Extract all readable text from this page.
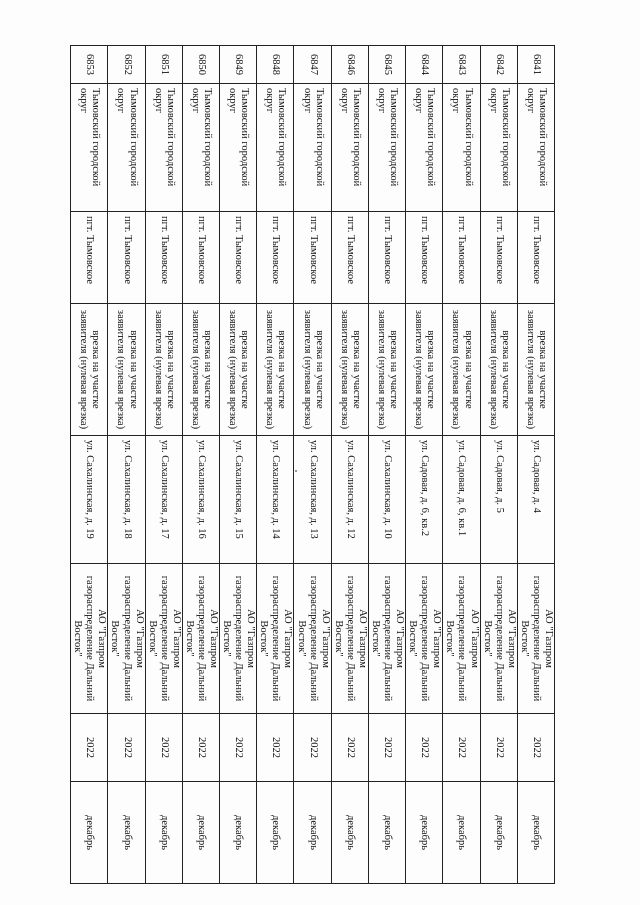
6841	Тымовский городской округ	пгт. Тымовское	врезка на участке заявителя (нулевая врезка)	ул. Садовая, д. 4	АО "Газпром газораспределение Дальний Восток"	2022	декабрь
6842	Тымовский городской округ	пгт. Тымовское	врезка на участке заявителя (нулевая врезка)	ул. Садовая, д. 5	АО "Газпром газораспределение Дальний Восток"	2022	декабрь
6843	Тымовский городской округ	пгт. Тымовское	врезка на участке заявителя (нулевая врезка)	ул. Садовая, д. 6, кв.1	АО "Газпром газораспределение Дальний Восток"	2022	декабрь
6844	Тымовский городской округ	пгт. Тымовское	врезка на участке заявителя (нулевая врезка)	ул. Садовая, д. 6, кв.2	АО "Газпром газораспределение Дальний Восток"	2022	декабрь
6845	Тымовский городской округ	пгт. Тымовское	врезка на участке заявителя (нулевая врезка)	ул. Сахалинская, д. 10	АО "Газпром газораспределение Дальний Восток"	2022	декабрь
6846	Тымовский городской округ	пгт. Тымовское	врезка на участке заявителя (нулевая врезка)	ул. Сахалинская, д. 12	АО "Газпром газораспределение Дальний Восток"	2022	декабрь
6847	Тымовский городской округ	пгт. Тымовское	врезка на участке заявителя (нулевая врезка)	ул. Сахалинская, д. 13	АО "Газпром газораспределение Дальний Восток"	2022	декабрь
6848	Тымовский городской округ	пгт. Тымовское	врезка на участке заявителя (нулевая врезка)	ул. Сахалинская, д. 14	АО "Газпром газораспределение Дальний Восток"	2022	декабрь
6849	Тымовский городской округ	пгт. Тымовское	врезка на участке заявителя (нулевая врезка)	ул. Сахалинская, д. 15	АО "Газпром газораспределение Дальний Восток"	2022	декабрь
6850	Тымовский городской округ	пгт. Тымовское	врезка на участке заявителя (нулевая врезка)	ул. Сахалинская, д. 16	АО "Газпром газораспределение Дальний Восток"	2022	декабрь
6851	Тымовский городской округ	пгт. Тымовское	врезка на участке заявителя (нулевая врезка)	ул. Сахалинская, д. 17	АО "Газпром газораспределение Дальний Восток"	2022	декабрь
6852	Тымовский городской округ	пгт. Тымовское	врезка на участке заявителя (нулевая врезка)	ул. Сахалинская, д. 18	АО "Газпром газораспределение Дальний Восток"	2022	декабрь
6853	Тымовский городской округ	пгт. Тымовское	врезка на участке заявителя (нулевая врезка)	ул. Сахалинская, д. 19	АО "Газпром газораспределение Дальний Восток"	2022	декабрь
